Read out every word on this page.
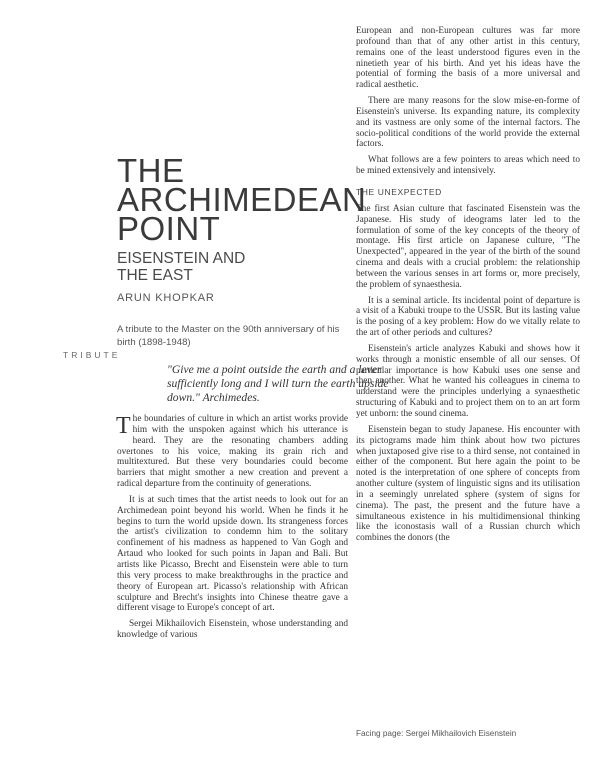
THE
ARCHIMEDEAN
POINT
EISENSTEIN AND
THE EAST

ARUN KHOPKAR

A tribute to the Master on the 90th anniversary of his birth (1898-1948)

TRIBUTE

"Give me a point outside the earth and a lever sufficiently long and I will turn the earth upside down." Archimedes.

The boundaries of culture in which an artist works provide him with the unspoken against which his utterance is heard. They are the resonating chambers adding overtones to his voice, making its grain rich and multitextured. But these very boundaries could become barriers that might smother a new creation and prevent a radical departure from the continuity of generations.

It is at such times that the artist needs to look out for an Archimedean point beyond his world. When he finds it he begins to turn the world upside down. Its strangeness forces the artist's civilization to condemn him to the solitary confinement of his madness as happened to Van Gogh and Artaud who looked for such points in Japan and Bali. But artists like Picasso, Brecht and Eisenstein were able to turn this very process to make breakthroughs in the practice and theory of European art. Picasso's relationship with African sculpture and Brecht's insights into Chinese theatre gave a different visage to Europe's concept of art.

Sergei Mikhailovich Eisenstein, whose understanding and knowledge of various

European and non-European cultures was far more profound than that of any other artist in this century, remains one of the least understood figures even in the ninetieth year of his birth. And yet his ideas have the potential of forming the basis of a more universal and radical aesthetic.

There are many reasons for the slow mise-en-forme of Eisenstein's universe. Its expanding nature, its complexity and its vastness are only some of the internal factors. The socio-political conditions of the world provide the external factors.

What follows are a few pointers to areas which need to be mined extensively and intensively.

THE UNEXPECTED

The first Asian culture that fascinated Eisenstein was the Japanese. His study of ideograms later led to the formulation of some of the key concepts of the theory of montage. His first article on Japanese culture, "The Unexpected", appeared in the year of the birth of the sound cinema and deals with a crucial problem: the relationship between the various senses in art forms or, more precisely, the problem of synaesthesia.

It is a seminal article. Its incidental point of departure is a visit of a Kabuki troupe to the USSR. But its lasting value is the posing of a key problem: How do we vitally relate to the art of other periods and cultures?

Eisenstein's article analyzes Kabuki and shows how it works through a monistic ensemble of all our senses. Of particular importance is how Kabuki uses one sense and then another. What he wanted his colleagues in cinema to understand were the principles underlying a synaesthetic structuring of Kabuki and to project them on to an art form yet unborn: the sound cinema.

Eisenstein began to study Japanese. His encounter with its pictograms made him think about how two pictures when juxtaposed give rise to a third sense, not contained in either of the component. But here again the point to be noted is the interpretation of one sphere of concepts from another culture (system of linguistic signs and its utilisation in a seemingly unrelated sphere (system of signs for cinema). The past, the present and the future have a simultaneous existence in his multidimensional thinking like the iconostasis wall of a Russian church which combines the donors (the

Facing page: Sergei Mikhailovich Eisenstein
